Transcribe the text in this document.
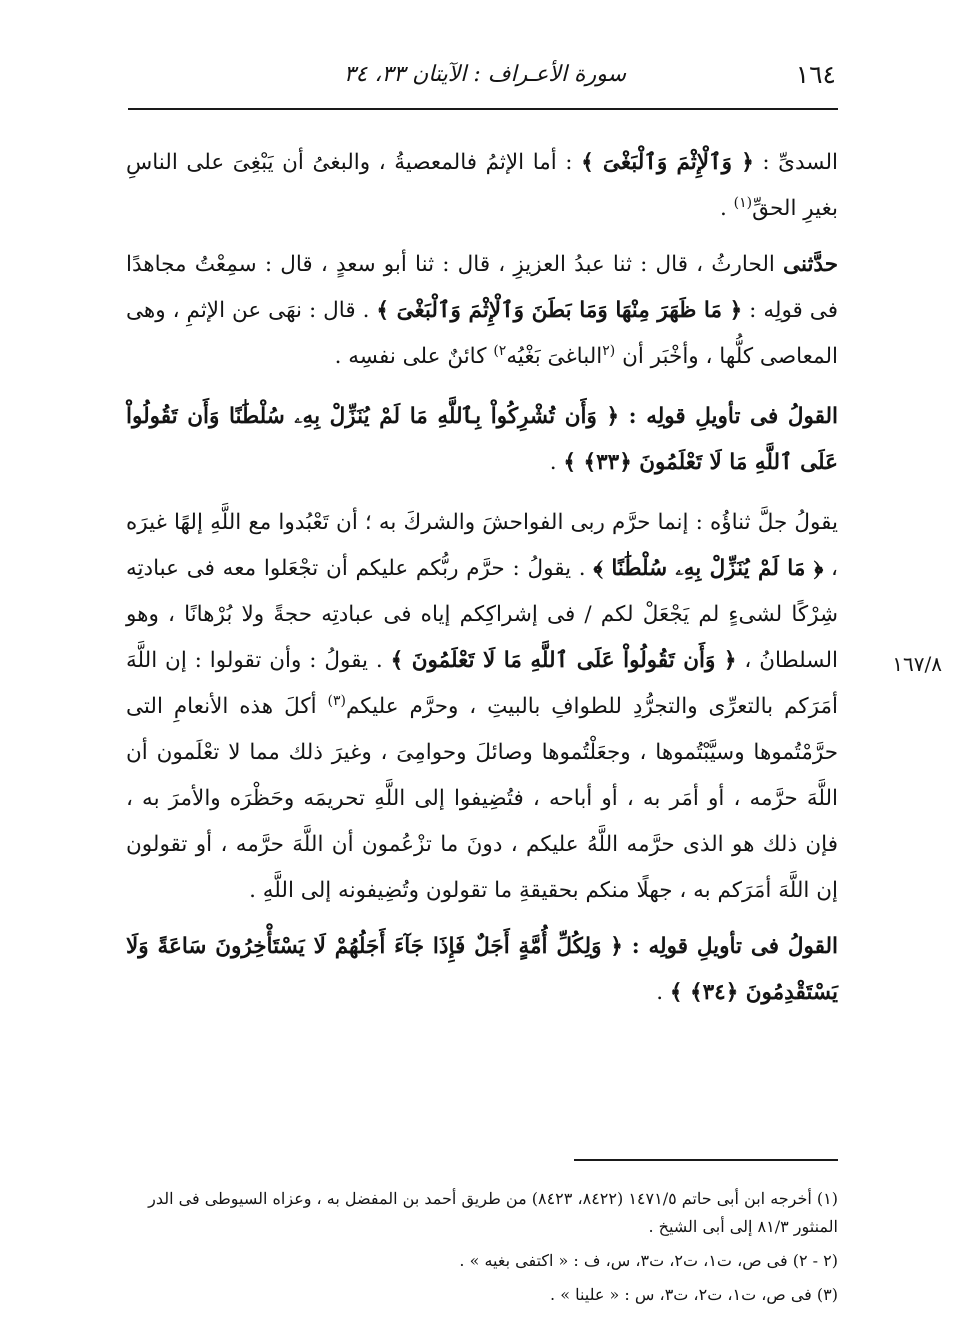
١٦٤
سورة الأعـراف : الآيتان ٣٣، ٣٤
١٦٧/٨

السدىِّ : ﴿ وَٱلْإِثْمَ وَٱلْبَغْىَ ﴾ : أما الإثمُ فالمعصيةُ ، والبغىُ أن يَبْغِىَ على الناسِ بغيرِ الحقِّ$^{(١)}$ .

حدَّثنى الحارثُ ، قال : ثنا عبدُ العزيزِ ، قال : ثنا أبو سعدٍ ، قال : سمِعْتُ مجاهدًا فى قولِه : ﴿ مَا ظَهَرَ مِنْهَا وَمَا بَطَنَ وَٱلْإِثْمَ وَٱلْبَغْىَ ﴾ . قال : نهَى عن الإثمِ ، وهى المعاصى كلُّها ، وأخْبَر أن $^{(٢}$الباغىَ بَغْيُه$^{٢)}$ كائنٌ على نفسِه .

القولُ فى تأويلِ قولِه : ﴿ وَأَن تُشْرِكُواْ بِٱللَّهِ مَا لَمْ يُنَزِّلْ بِهِۦ سُلْطَٰنًا وَأَن تَقُولُواْ عَلَى ٱللَّهِ مَا لَا تَعْلَمُونَ ﴿٣٣﴾ ﴾ .

يقولُ جلَّ ثناؤُه : إنما حرَّم ربى الفواحشَ والشركَ به ؛ أن تَعْبُدوا مع اللَّهِ إلهًا غيرَه ، ﴿ مَا لَمْ يُنَزِّلْ بِهِۦ سُلْطَٰنًا ﴾ . يقولُ : حرَّم ربُّكم عليكم أن تجْعَلوا معه فى عبادتِه شِرْكًا لشىءٍ لم يَجْعَلْ لكم / فى إشراكِكم إياه فى عبادتِه حجةً ولا بُرْهانًا ، وهو السلطانُ ، ﴿ وَأَن تَقُولُواْ عَلَى ٱللَّهِ مَا لَا تَعْلَمُونَ ﴾ . يقولُ : وأن تقولوا : إن اللَّهَ أمَرَكم بالتعرِّى والتجرُّدِ للطوافِ بالبيتِ ، وحرَّم عليكم$^{(٣)}$ أكلَ هذه الأنعامِ التى حرَّمْتُموها وسيَّبْتُموها ، وجعَلْتُموها وصائلَ وحوامِىَ ، وغيرَ ذلك مما لا تعْلَمون أن اللَّهَ حرَّمه ، أو أمَر به ، أو أباحه ، فتُضِيفوا إلى اللَّهِ تحريمَه وحَظْرَه والأمرَ به ، فإن ذلك هو الذى حرَّمه اللَّهُ عليكم ، دونَ ما تزْعُمون أن اللَّهَ حرَّمه ، أو تقولون إن اللَّهَ أمَرَكم به ، جهلًا منكم بحقيقةِ ما تقولون وتُضِيفونه إلى اللَّهِ .

القولُ فى تأويلِ قولِه : ﴿ وَلِكُلِّ أُمَّةٍ أَجَلٌ فَإِذَا جَآءَ أَجَلُهُمْ لَا يَسْتَأْخِرُونَ سَاعَةً وَلَا يَسْتَقْدِمُونَ ﴿٣٤﴾ ﴾ .

(١) أخرجه ابن أبى حاتم ١٤٧١/٥ (٨٤٢٢، ٨٤٢٣) من طريق أحمد بن المفضل به ، وعزاه السيوطى فى الدر المنثور ٨١/٣ إلى أبى الشيخ .

(٢ - ٢) فى ص، ت١، ت٢، ت٣، س، ف : « اكتفى بغيه » .

(٣) فى ص، ت١، ت٢، ت٣، س : « علينا » .
